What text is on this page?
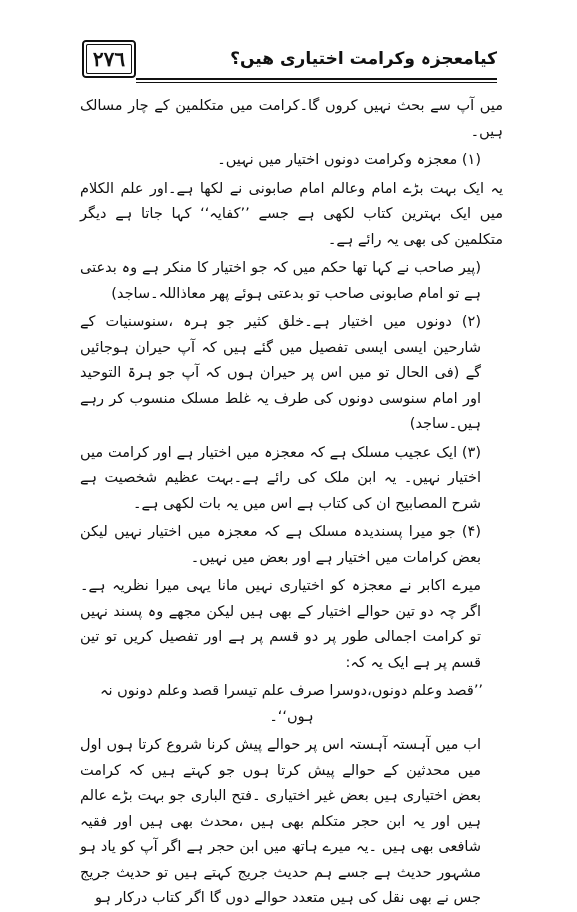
۲۷٦	کیامعجزہ وکرامت اختیاری ھیں؟

میں آپ سے بحث نہیں کروں گا۔کرامت میں متکلمین کے چار مسالک ہیں۔

(۱) معجزہ وکرامت دونوں اختیار میں نہیں۔

یہ ایک بہت بڑے امام وعالم امام صابونی نے لکھا ہے۔اور علم الکلام میں ایک بہترین کتاب لکھی ہے جسے ’’کفایہ‘‘ کہا جاتا ہے دیگر متکلمین کی بھی یہ رائے ہے۔

(پیر صاحب نے کہا تھا حکم میں کہ جو اختیار کا منکر ہے وہ بدعتی ہے تو امام صابونی صاحب تو بدعتی ہوئے پھر معاذاللہ۔ساجد)

(۲) دونوں میں اختیار ہے۔خلق کثیر جو ہرہ ،سنوسنیات کے شارحین ایسی ایسی تفصیل میں گئے ہیں کہ آپ حیران ہوجائیں گے (فی الحال تو میں اس پر حیران ہوں کہ آپ جو ہرۃ التوحید اور امام سنوسی دونوں کی طرف یہ غلط مسلک منسوب کر رہے ہیں۔ساجد)

(۳) ایک عجیب مسلک ہے کہ معجزہ میں اختیار ہے اور کرامت میں اختیار نہیں۔ یہ ابن ملک کی رائے ہے۔بہت عظیم شخصیت ہے شرح المصابیح ان کی کتاب ہے اس میں یہ بات لکھی ہے۔

(۴) جو میرا پسندیدہ مسلک ہے کہ معجزہ میں اختیار نہیں لیکن بعض کرامات میں اختیار ہے اور بعض میں نہیں۔

میرے اکابر نے معجزہ کو اختیاری نہیں مانا یہی میرا نظریہ ہے۔ اگر چہ دو تین حوالے اختیار کے بھی ہیں لیکن مجھے وہ پسند نہیں تو کرامت اجمالی طور پر دو قسم پر ہے اور تفصیل کریں تو تین قسم پر ہے ایک یہ کہ:

’’قصد وعلم دونوں،دوسرا صرف علم تیسرا قصد وعلم دونوں نہ ہوں‘‘۔

اب میں آہستہ آہستہ اس پر حوالے پیش کرنا شروع کرتا ہوں اول میں محدثین کے حوالے پیش کرتا ہوں جو کہتے ہیں کہ کرامت بعض اختیاری ہیں بعض غیر اختیاری ۔فتح الباری جو بہت بڑے عالم ہیں اور یہ ابن حجر متکلم بھی ہیں ،محدث بھی ہیں اور فقیہ شافعی بھی ہیں ۔یہ میرے ہاتھ میں ابن حجر ہے اگر آپ کو یاد ہو مشہور حدیث ہے جسے ہم حدیث جریج کہتے ہیں تو حدیث جریج جس نے بھی نقل کی ہیں متعدد حوالے دوں گا اگر کتاب درکار ہو
